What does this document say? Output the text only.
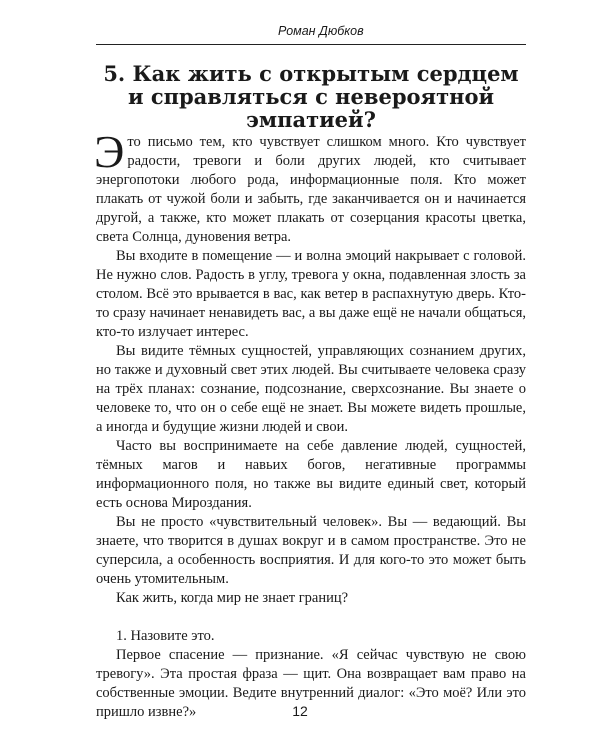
Роман Дюбков
5. Как жить с открытым сердцем
и справляться с невероятной
эмпатией?

Это письмо тем, кто чувствует слишком много. Кто чувствует радости, тревоги и боли других людей, кто считывает энергопотоки любого рода, информационные поля. Кто может плакать от чужой боли и забыть, где заканчивается он и начинается другой, а также, кто может плакать от созерцания красоты цветка, света Солнца, дуновения ветра.

Вы входите в помещение — и волна эмоций накрывает с головой. Не нужно слов. Радость в углу, тревога у окна, подавленная злость за столом. Всё это врывается в вас, как ветер в распахнутую дверь. Кто-то сразу начинает ненавидеть вас, а вы даже ещё не начали общаться, кто-то излучает интерес.

Вы видите тёмных сущностей, управляющих сознанием других, но также и духовный свет этих людей. Вы считываете человека сразу на трёх планах: сознание, подсознание, сверхсознание. Вы знаете о человеке то, что он о себе ещё не знает. Вы можете видеть прошлые, а иногда и будущие жизни людей и свои.

Часто вы воспринимаете на себе давление людей, сущностей, тёмных магов и навьих богов, негативные программы информационного поля, но также вы видите единый свет, который есть основа Мироздания.

Вы не просто «чувствительный человек». Вы — ведающий. Вы знаете, что творится в душах вокруг и в самом пространстве. Это не суперсила, а особенность восприятия. И для кого-то это может быть очень утомительным.

Как жить, когда мир не знает границ?

1. Назовите это.

Первое спасение — признание. «Я сейчас чувствую не свою тревогу». Эта простая фраза — щит. Она возвращает вам право на собственные эмоции. Ведите внутренний диалог: «Это моё? Или это пришло извне?»	12
